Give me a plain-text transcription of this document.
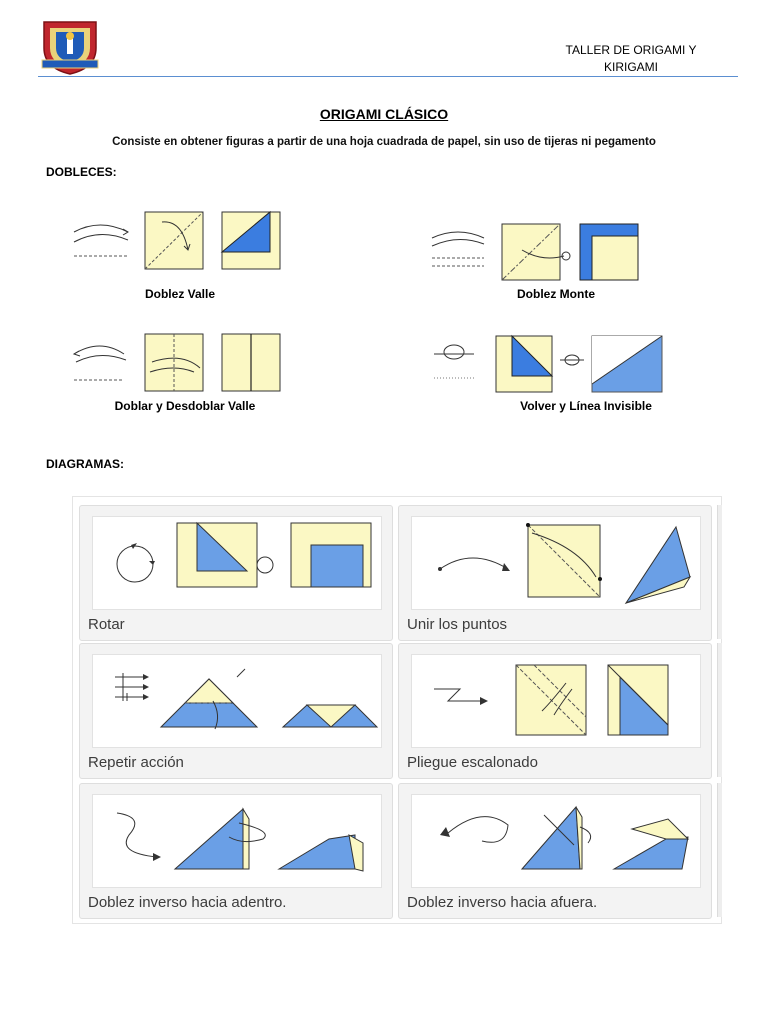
TALLER DE ORIGAMI Y
KIRIGAMI
ORIGAMI CLÁSICO
Consiste en obtener figuras a partir de una hoja cuadrada de papel, sin uso de tijeras ni pegamento
DOBLECES:
Doblez Valle	Doblez Monte
Doblar y Desdoblar Valle	Volver y Línea Invisible
DIAGRAMAS:
Rotar	Unir los puntos
Repetir acción	Pliegue escalonado
Doblez inverso hacia adentro.	Doblez inverso hacia afuera.
